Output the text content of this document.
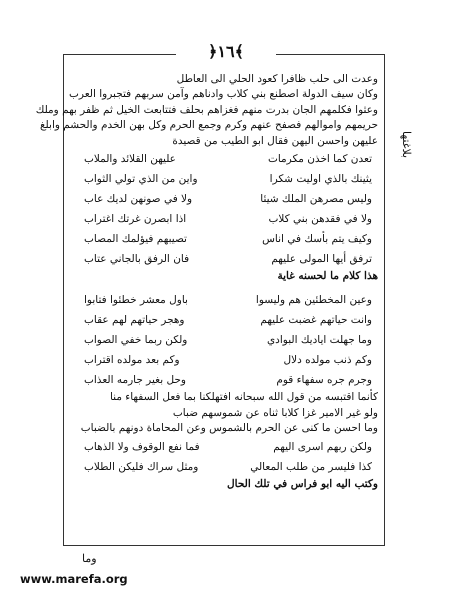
﴿١٦﴾
بلاغتها
وعدت الى حلب ظافرا كعود الحلي الى العاطل
وكان سيف الدولة اصطنع بني كلاب وادناهم وآمن سربهم فتجبروا العرب
وعثوا فكلمهم الجان بدرت منهم فغزاهم بحلف فتتابعت الخيل ثم ظفر بهم وملك
حريمهم واموالهم فصفح عنهم وكرم وجمع الحرم وكل بهن الخدم والحشم وابلغ
عليهن واحسن اليهن فقال ابو الطيب من قصيدة
تعدن كما اخذن مكرمات
عليهن القلائد والملاب
يثينك بالذي اوليت شكرا
واين من الذي تولي الثواب
وليس مصرهن الملك شيئا
ولا في صونهن لديك عاب
ولا في فقدهن بني كلاب
اذا ابصرن غرتك اغتراب
وكيف يتم بأسك في اناس
تصيبهم فيؤلمك المصاب
ترفق أيها المولى عليهم
فان الرفق بالجاني عتاب
هذا كلام ما لحسنه غاية
وعين المخطئين هم وليسوا
باول معشر خطئوا فتابوا
وانت حياتهم غضبت عليهم
وهجر حياتهم لهم عقاب
وما جهلت اياديك البوادي
ولكن ربما خفي الصواب
وكم ذنب مولده دلال
وكم بعد مولده اقتراب
وجرم جره سفهاء قوم
وحل بغير جارمه العذاب
كأنما اقتبسه من قول الله سبحانه افتهلكنا بما فعل السفهاء منا
ولو غير الامير غزا كلابا ثناه عن شموسهم ضباب
وما احسن ما كنى عن الحرم بالشموس وعن المحاماة دونهم بالضباب
ولكن ربهم اسرى اليهم
فما نفع الوقوف ولا الذهاب
كذا فليسر من طلب المعالي
ومثل سراك فليكن الطلاب
وكتب اليه ابو فراس في تلك الحال
وما
www.marefa.org
